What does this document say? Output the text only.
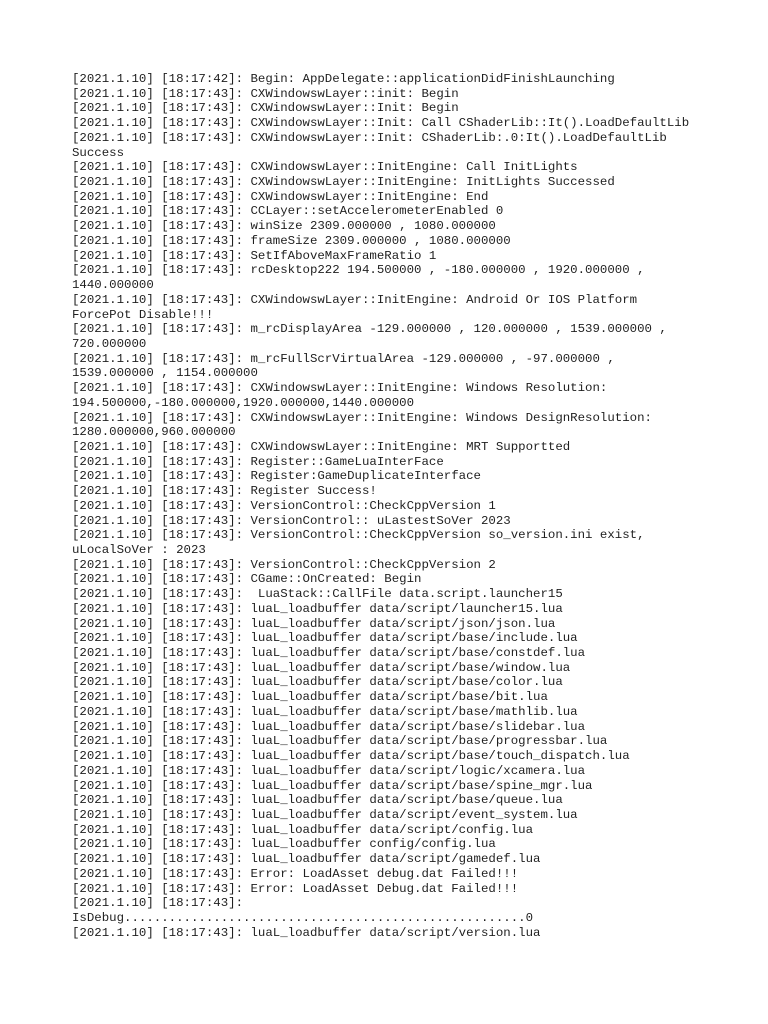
[2021.1.10] [18:17:42]: Begin: AppDelegate::applicationDidFinishLaunching
[2021.1.10] [18:17:43]: CXWindowswLayer::init: Begin
[2021.1.10] [18:17:43]: CXWindowswLayer::Init: Begin
[2021.1.10] [18:17:43]: CXWindowswLayer::Init: Call CShaderLib::It().LoadDefaultLib
[2021.1.10] [18:17:43]: CXWindowswLayer::Init: CShaderLib:.0:It().LoadDefaultLib
Success
[2021.1.10] [18:17:43]: CXWindowswLayer::InitEngine: Call InitLights
[2021.1.10] [18:17:43]: CXWindowswLayer::InitEngine: InitLights Successed
[2021.1.10] [18:17:43]: CXWindowswLayer::InitEngine: End
[2021.1.10] [18:17:43]: CCLayer::setAccelerometerEnabled 0
[2021.1.10] [18:17:43]: winSize 2309.000000 , 1080.000000
[2021.1.10] [18:17:43]: frameSize 2309.000000 , 1080.000000
[2021.1.10] [18:17:43]: SetIfAboveMaxFrameRatio 1
[2021.1.10] [18:17:43]: rcDesktop222 194.500000 , -180.000000 , 1920.000000 ,
1440.000000
[2021.1.10] [18:17:43]: CXWindowswLayer::InitEngine: Android Or IOS Platform
ForcePot Disable!!!
[2021.1.10] [18:17:43]: m_rcDisplayArea -129.000000 , 120.000000 , 1539.000000 ,
720.000000
[2021.1.10] [18:17:43]: m_rcFullScrVirtualArea -129.000000 , -97.000000 ,
1539.000000 , 1154.000000
[2021.1.10] [18:17:43]: CXWindowswLayer::InitEngine: Windows Resolution:
194.500000,-180.000000,1920.000000,1440.000000
[2021.1.10] [18:17:43]: CXWindowswLayer::InitEngine: Windows DesignResolution:
1280.000000,960.000000
[2021.1.10] [18:17:43]: CXWindowswLayer::InitEngine: MRT Supportted
[2021.1.10] [18:17:43]: Register::GameLuaInterFace
[2021.1.10] [18:17:43]: Register:GameDuplicateInterface
[2021.1.10] [18:17:43]: Register Success!
[2021.1.10] [18:17:43]: VersionControl::CheckCppVersion 1
[2021.1.10] [18:17:43]: VersionControl:: uLastestSoVer 2023
[2021.1.10] [18:17:43]: VersionControl::CheckCppVersion so_version.ini exist,
uLocalSoVer : 2023
[2021.1.10] [18:17:43]: VersionControl::CheckCppVersion 2
[2021.1.10] [18:17:43]: CGame::OnCreated: Begin
[2021.1.10] [18:17:43]:  LuaStack::CallFile data.script.launcher15
[2021.1.10] [18:17:43]: luaL_loadbuffer data/script/launcher15.lua
[2021.1.10] [18:17:43]: luaL_loadbuffer data/script/json/json.lua
[2021.1.10] [18:17:43]: luaL_loadbuffer data/script/base/include.lua
[2021.1.10] [18:17:43]: luaL_loadbuffer data/script/base/constdef.lua
[2021.1.10] [18:17:43]: luaL_loadbuffer data/script/base/window.lua
[2021.1.10] [18:17:43]: luaL_loadbuffer data/script/base/color.lua
[2021.1.10] [18:17:43]: luaL_loadbuffer data/script/base/bit.lua
[2021.1.10] [18:17:43]: luaL_loadbuffer data/script/base/mathlib.lua
[2021.1.10] [18:17:43]: luaL_loadbuffer data/script/base/slidebar.lua
[2021.1.10] [18:17:43]: luaL_loadbuffer data/script/base/progressbar.lua
[2021.1.10] [18:17:43]: luaL_loadbuffer data/script/base/touch_dispatch.lua
[2021.1.10] [18:17:43]: luaL_loadbuffer data/script/logic/xcamera.lua
[2021.1.10] [18:17:43]: luaL_loadbuffer data/script/base/spine_mgr.lua
[2021.1.10] [18:17:43]: luaL_loadbuffer data/script/base/queue.lua
[2021.1.10] [18:17:43]: luaL_loadbuffer data/script/event_system.lua
[2021.1.10] [18:17:43]: luaL_loadbuffer data/script/config.lua
[2021.1.10] [18:17:43]: luaL_loadbuffer config/config.lua
[2021.1.10] [18:17:43]: luaL_loadbuffer data/script/gamedef.lua
[2021.1.10] [18:17:43]: Error: LoadAsset debug.dat Failed!!!
[2021.1.10] [18:17:43]: Error: LoadAsset Debug.dat Failed!!!
[2021.1.10] [18:17:43]:
IsDebug......................................................0
[2021.1.10] [18:17:43]: luaL_loadbuffer data/script/version.lua
